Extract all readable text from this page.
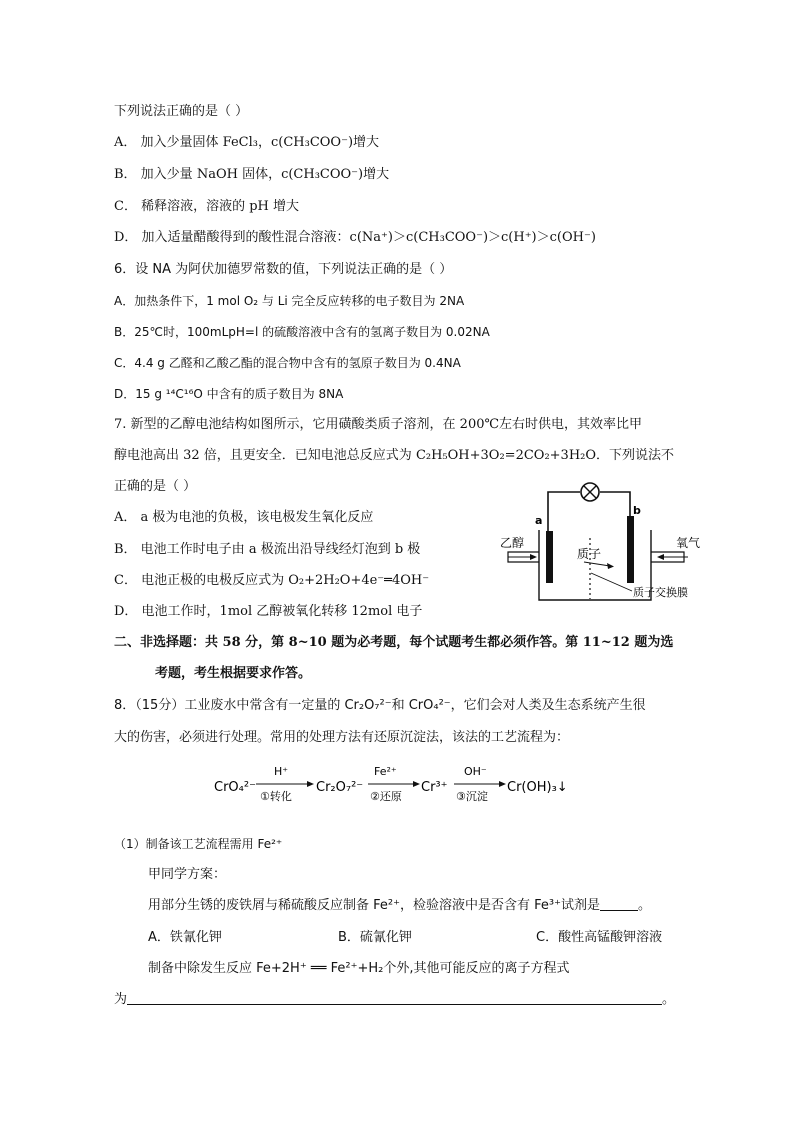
下列说法正确的是（ ）
A． 加入少量固体 FeCl₃，c(CH₃COO⁻)增大
B． 加入少量 NaOH 固体，c(CH₃COO⁻)增大
C． 稀释溶液，溶液的 pH 增大
D． 加入适量醋酸得到的酸性混合溶液：c(Na⁺)＞c(CH₃COO⁻)＞c(H⁺)＞c(OH⁻)
6．设 NA 为阿伏加德罗常数的值，下列说法正确的是（ ）
A．加热条件下，1 mol O₂ 与 Li 完全反应转移的电子数目为 2NA
B．25℃时，100mLpH=l 的硫酸溶液中含有的氢离子数目为 0.02NA
C．4.4 g 乙醛和乙酸乙酯的混合物中含有的氢原子数目为 0.4NA
D．15 g ¹⁴C¹⁶O 中含有的质子数目为 8NA
7. 新型的乙醇电池结构如图所示，它用磺酸类质子溶剂，在 200℃左右时供电，其效率比甲
醇电池高出 32 倍，且更安全．已知电池总反应式为 C₂H₅OH+3O₂=2CO₂+3H₂O．下列说法不
正确的是（ ）
A． a 极为电池的负极，该电极发生氧化反应
B． 电池工作时电子由 a 极流出沿导线经灯泡到 b 极
C． 电池正极的电极反应式为 O₂+2H₂O+4e⁻═4OH⁻
D． 电池工作时，1mol 乙醇被氧化转移 12mol 电子
a
b
乙醇	氧气
质子
质子交换膜
二、非选择题：共 58 分，第 8~10 题为必考题，每个试题考生都必须作答。第 11~12 题为选
考题，考生根据要求作答。
8．（15分）工业废水中常含有一定量的 Cr₂O₇²⁻和 CrO₄²⁻，它们会对人类及生态系统产生很
大的伤害，必须进行处理。常用的处理方法有还原沉淀法，该法的工艺流程为：
CrO₄²⁻
H⁺
①转化
Cr₂O₇²⁻
Fe²⁺
②还原
Cr³⁺
OH⁻
③沉淀
Cr(OH)₃↓
（1）制备该工艺流程需用 Fe²⁺
甲同学方案：
用部分生锈的废铁屑与稀硫酸反应制备 Fe²⁺，检验溶液中是否含有 Fe³⁺试剂是	。
A．铁氰化钾	B．硫氰化钾	C．酸性高锰酸钾溶液
制备中除发生反应 Fe+2H⁺ ══ Fe²⁺+H₂个外,其他可能反应的离子方程式
为	。
